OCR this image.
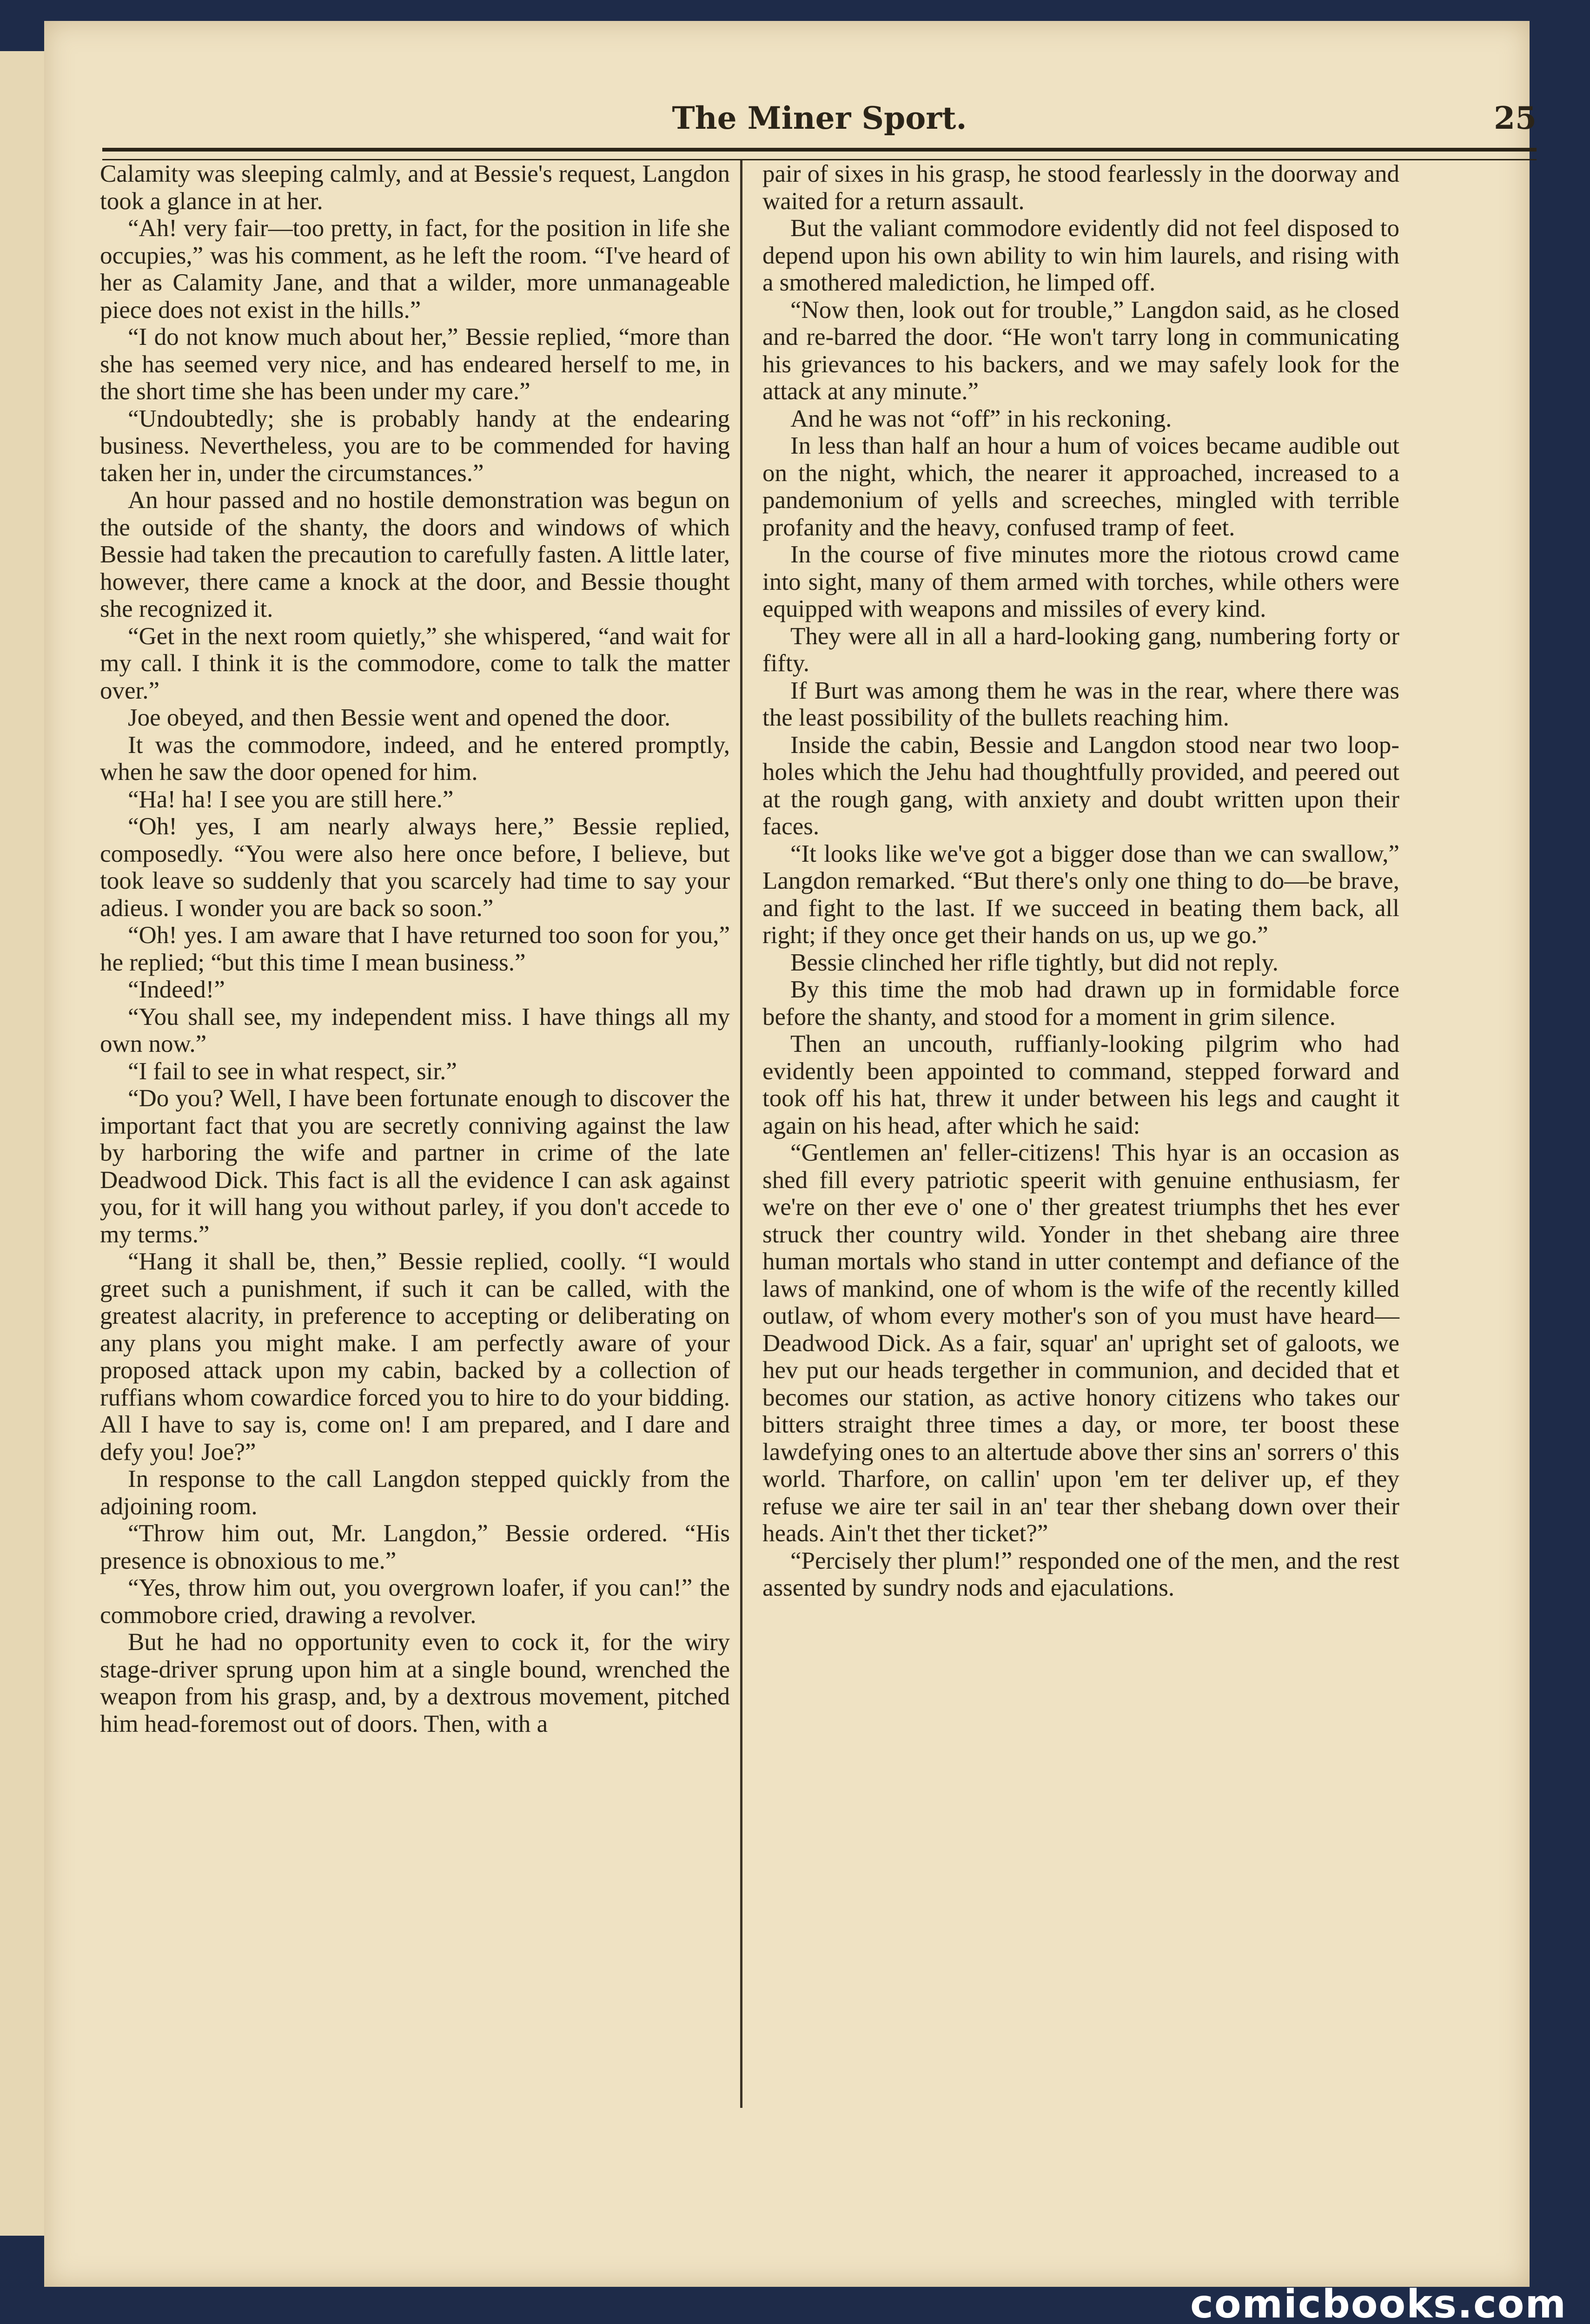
The Miner Sport.	25

Calamity was sleeping calmly, and at Bessie's request, Langdon took a glance in at her.

“Ah! very fair—too pretty, in fact, for the position in life she occupies,” was his comment, as he left the room. “I've heard of her as Calamity Jane, and that a wilder, more unmanageable piece does not exist in the hills.”

“I do not know much about her,” Bessie replied, “more than she has seemed very nice, and has endeared herself to me, in the short time she has been under my care.”

“Undoubtedly; she is probably handy at the endearing business. Nevertheless, you are to be commended for having taken her in, under the circumstances.”

An hour passed and no hostile demonstration was begun on the outside of the shanty, the doors and windows of which Bessie had taken the precaution to carefully fasten. A little later, however, there came a knock at the door, and Bessie thought she recognized it.

“Get in the next room quietly,” she whispered, “and wait for my call. I think it is the commodore, come to talk the matter over.”

Joe obeyed, and then Bessie went and opened the door.

It was the commodore, indeed, and he entered promptly, when he saw the door opened for him.

“Ha! ha! I see you are still here.”

“Oh! yes, I am nearly always here,” Bessie replied, composedly. “You were also here once before, I believe, but took leave so suddenly that you scarcely had time to say your adieus. I wonder you are back so soon.”

“Oh! yes. I am aware that I have returned too soon for you,” he replied; “but this time I mean business.”

“Indeed!”

“You shall see, my independent miss. I have things all my own now.”

“I fail to see in what respect, sir.”

“Do you? Well, I have been fortunate enough to discover the important fact that you are secretly conniving against the law by harboring the wife and partner in crime of the late Deadwood Dick. This fact is all the evidence I can ask against you, for it will hang you without parley, if you don't accede to my terms.”

“Hang it shall be, then,” Bessie replied, coolly. “I would greet such a punishment, if such it can be called, with the greatest alacrity, in preference to accepting or deliberating on any plans you might make. I am perfectly aware of your proposed attack upon my cabin, backed by a collection of ruffians whom cowardice forced you to hire to do your bidding. All I have to say is, come on! I am prepared, and I dare and defy you! Joe?”

In response to the call Langdon stepped quickly from the adjoining room.

“Throw him out, Mr. Langdon,” Bessie ordered. “His presence is obnoxious to me.”

“Yes, throw him out, you overgrown loafer, if you can!” the commobore cried, drawing a revolver.

But he had no opportunity even to cock it, for the wiry stage-driver sprung upon him at a single bound, wrenched the weapon from his grasp, and, by a dextrous movement, pitched him head-foremost out of doors. Then, with a

pair of sixes in his grasp, he stood fearlessly in the doorway and waited for a return assault.

But the valiant commodore evidently did not feel disposed to depend upon his own ability to win him laurels, and rising with a smothered malediction, he limped off.

“Now then, look out for trouble,” Langdon said, as he closed and re-barred the door. “He won't tarry long in communicating his grievances to his backers, and we may safely look for the attack at any minute.”

And he was not “off” in his reckoning.

In less than half an hour a hum of voices became audible out on the night, which, the nearer it approached, increased to a pandemonium of yells and screeches, mingled with terrible profanity and the heavy, confused tramp of feet.

In the course of five minutes more the riotous crowd came into sight, many of them armed with torches, while others were equipped with weapons and missiles of every kind.

They were all in all a hard-looking gang, numbering forty or fifty.

If Burt was among them he was in the rear, where there was the least possibility of the bullets reaching him.

Inside the cabin, Bessie and Langdon stood near two loop-holes which the Jehu had thoughtfully provided, and peered out at the rough gang, with anxiety and doubt written upon their faces.

“It looks like we've got a bigger dose than we can swallow,” Langdon remarked. “But there's only one thing to do—be brave, and fight to the last. If we succeed in beating them back, all right; if they once get their hands on us, up we go.”

Bessie clinched her rifle tightly, but did not reply.

By this time the mob had drawn up in formidable force before the shanty, and stood for a moment in grim silence.

Then an uncouth, ruffianly-looking pilgrim who had evidently been appointed to command, stepped forward and took off his hat, threw it under between his legs and caught it again on his head, after which he said:

“Gentlemen an' feller-citizens! This hyar is an occasion as shed fill every patriotic speerit with genuine enthusiasm, fer we're on ther eve o' one o' ther greatest triumphs thet hes ever struck ther country wild. Yonder in thet shebang aire three human mortals who stand in utter contempt and defiance of the laws of mankind, one of whom is the wife of the recently killed outlaw, of whom every mother's son of you must have heard—Deadwood Dick. As a fair, squar' an' upright set of galoots, we hev put our heads tergether in communion, and decided that et becomes our station, as active honory citizens who takes our bitters straight three times a day, or more, ter boost these lawdefying ones to an altertude above ther sins an' sorrers o' this world. Tharfore, on callin' upon 'em ter deliver up, ef they refuse we aire ter sail in an' tear ther shebang down over their heads. Ain't thet ther ticket?”

“Percisely ther plum!” responded one of the men, and the rest assented by sundry nods and ejaculations.

comicbooks.com
